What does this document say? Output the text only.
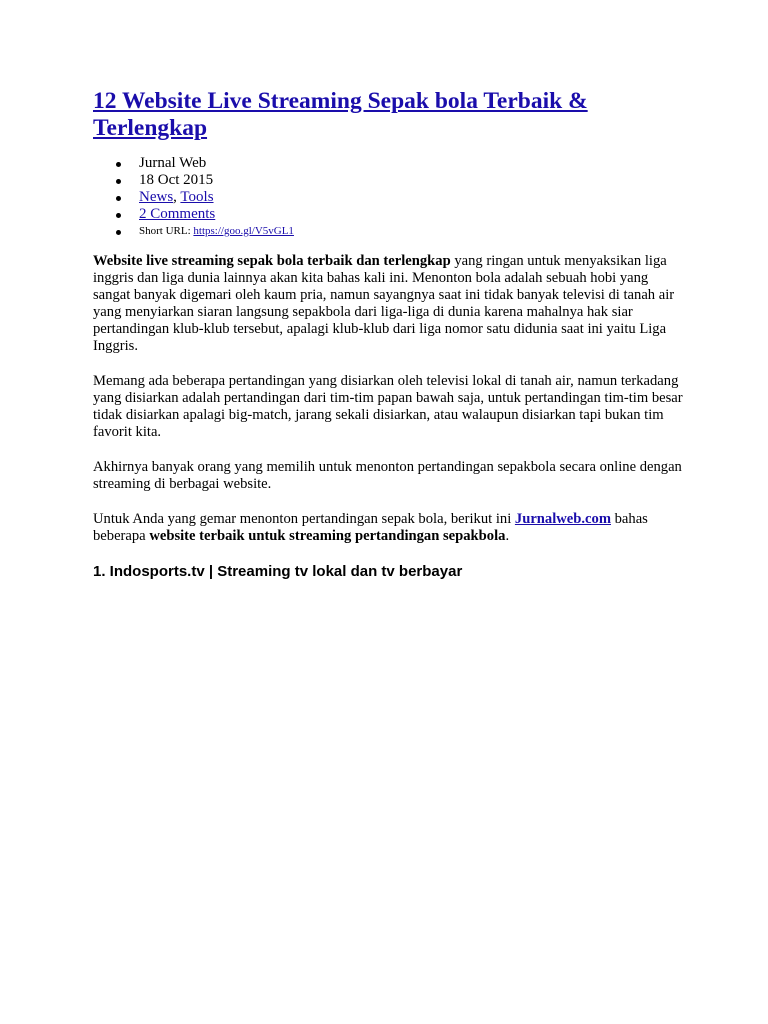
12 Website Live Streaming Sepak bola Terbaik & Terlengkap
Jurnal Web
18 Oct 2015
News, Tools
2 Comments
Short URL: https://goo.gl/V5vGL1

Website live streaming sepak bola terbaik dan terlengkap yang ringan untuk menyaksikan liga inggris dan liga dunia lainnya akan kita bahas kali ini. Menonton bola adalah sebuah hobi yang sangat banyak digemari oleh kaum pria, namun sayangnya saat ini tidak banyak televisi di tanah air yang menyiarkan siaran langsung sepakbola dari liga-liga di dunia karena mahalnya hak siar pertandingan klub-klub tersebut, apalagi klub-klub dari liga nomor satu didunia saat ini yaitu Liga Inggris.

Memang ada beberapa pertandingan yang disiarkan oleh televisi lokal di tanah air, namun terkadang yang disiarkan adalah pertandingan dari tim-tim papan bawah saja, untuk pertandingan tim-tim besar tidak disiarkan apalagi big-match, jarang sekali disiarkan, atau walaupun disiarkan tapi bukan tim favorit kita.

Akhirnya banyak orang yang memilih untuk menonton pertandingan sepakbola secara online dengan streaming di berbagai website.

Untuk Anda yang gemar menonton pertandingan sepak bola, berikut ini Jurnalweb.com bahas beberapa website terbaik untuk streaming pertandingan sepakbola.

1. Indosports.tv | Streaming tv lokal dan tv berbayar
